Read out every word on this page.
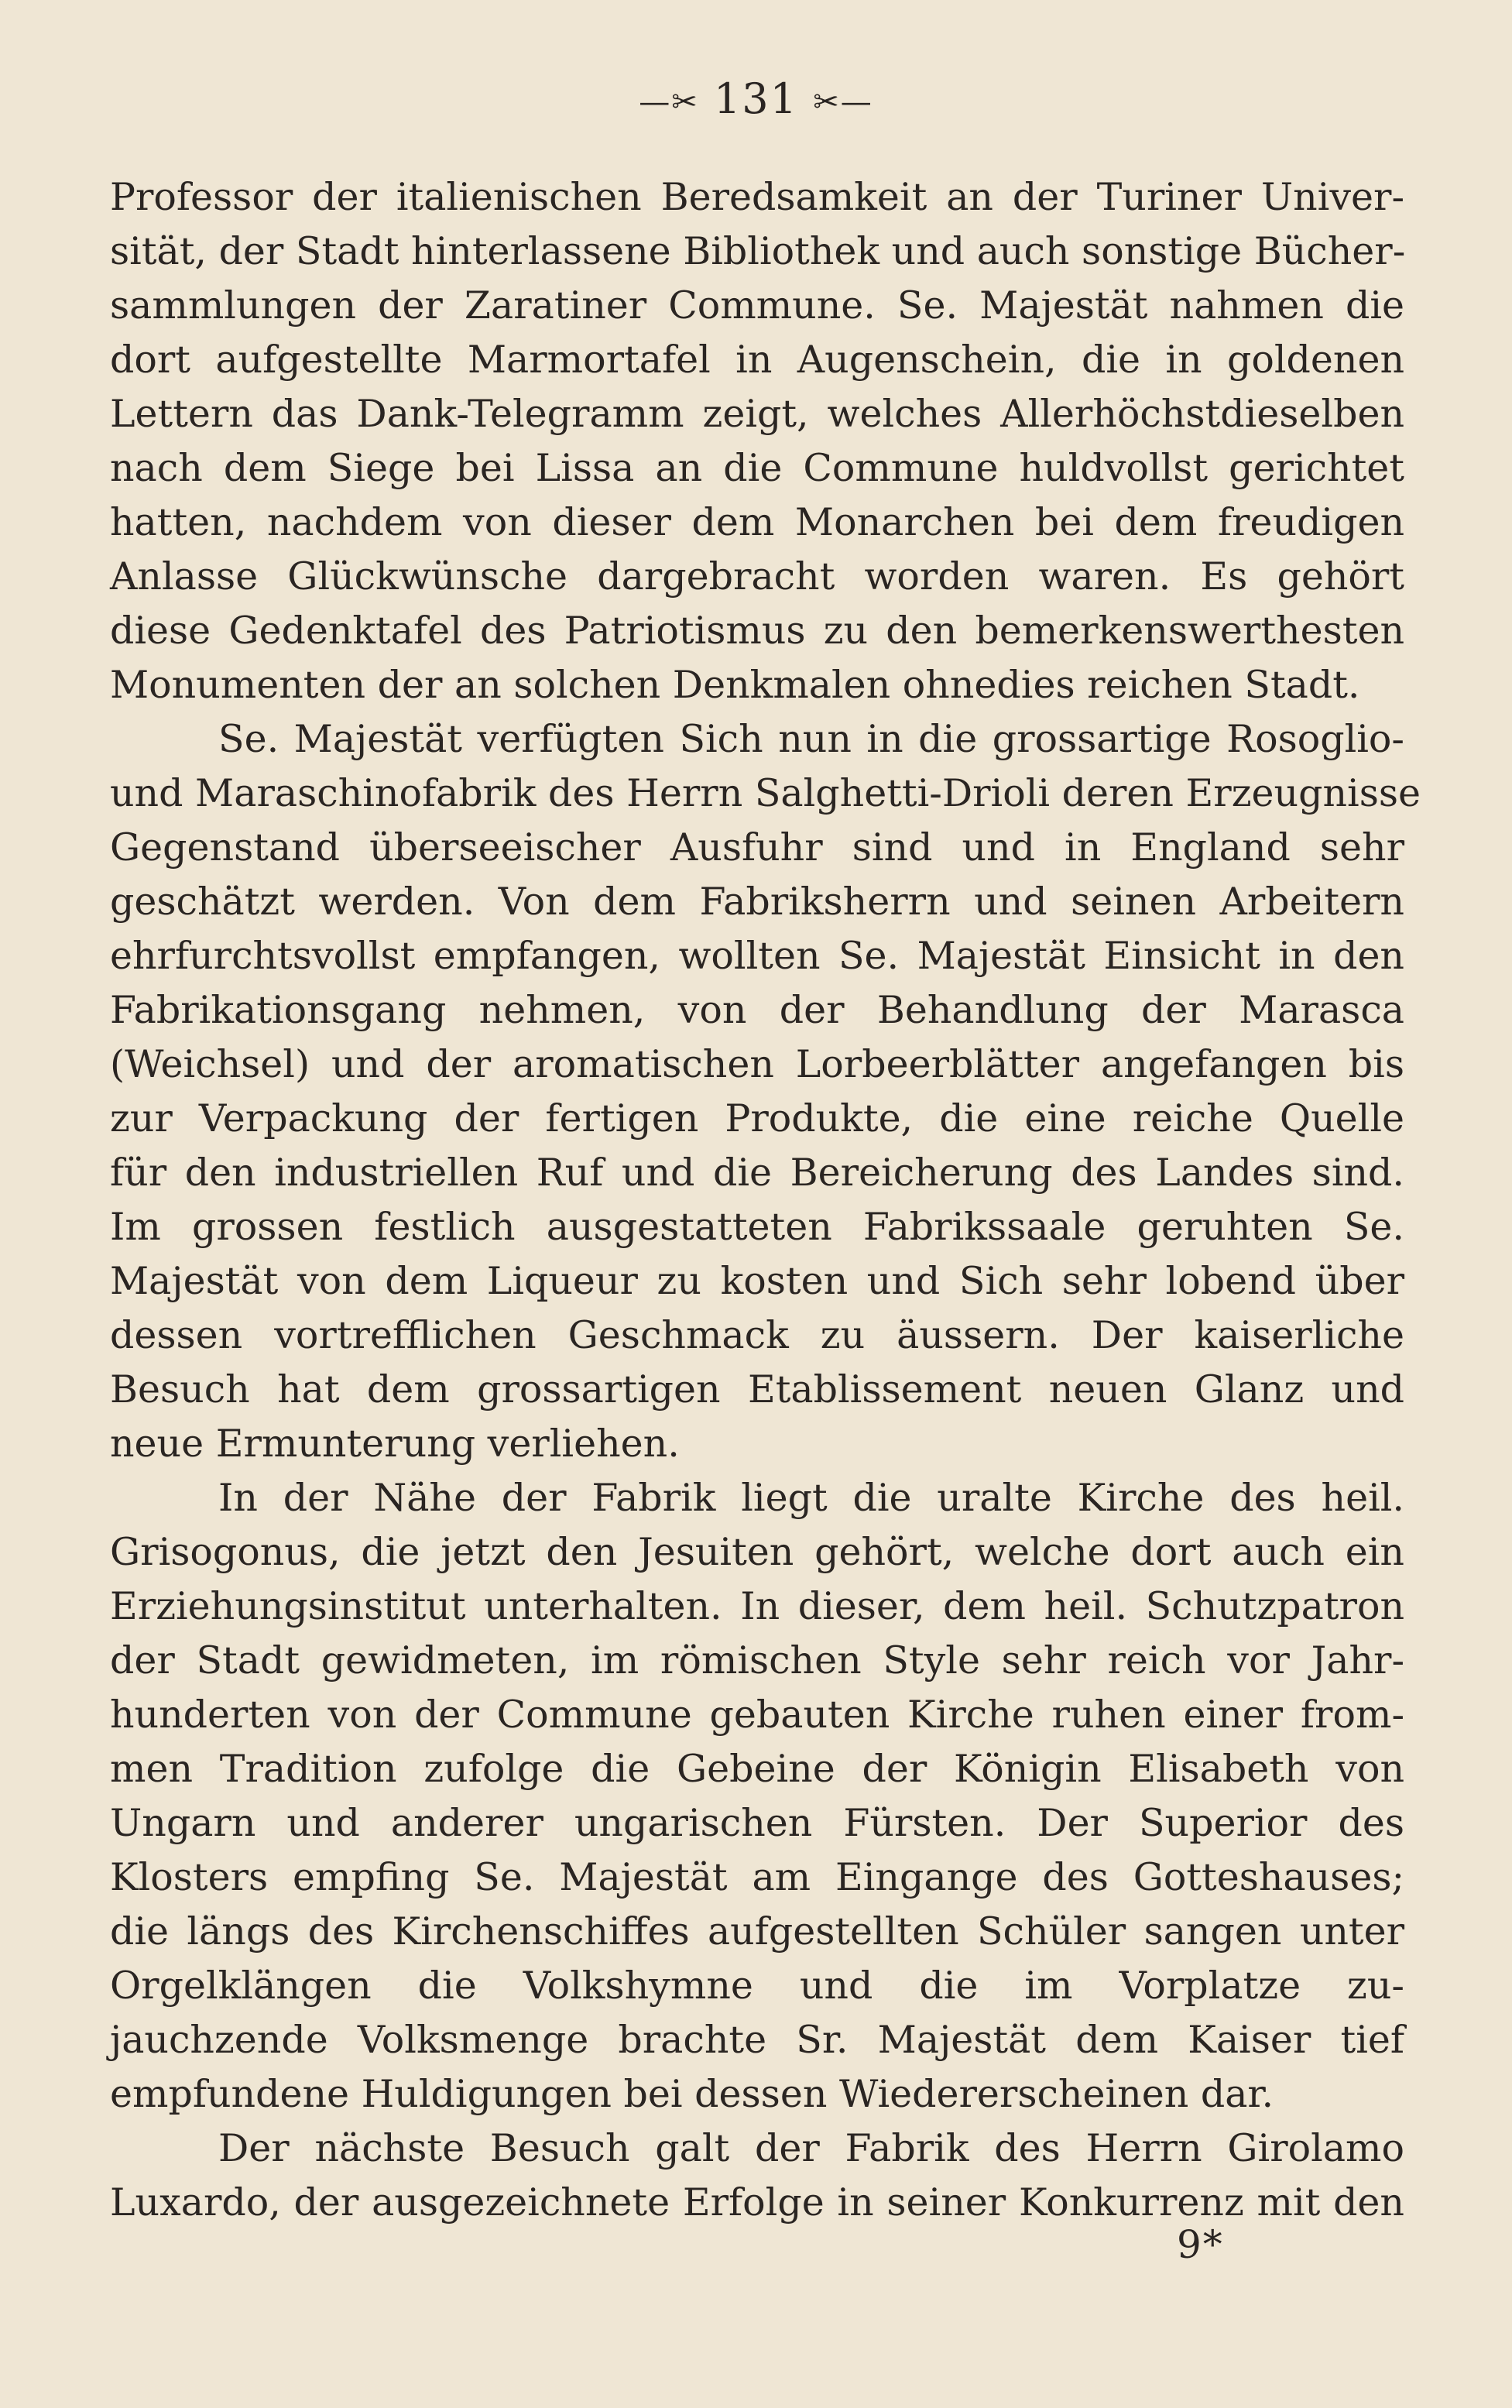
—✂ 131 ✂—
Professor der italienischen Beredsamkeit an der Turiner Univer-
sität, der Stadt hinterlassene Bibliothek und auch sonstige Bücher-
sammlungen der Zaratiner Commune. Se. Majestät nahmen die
dort aufgestellte Marmortafel in Augenschein, die in goldenen
Lettern das Dank-Telegramm zeigt, welches Allerhöchstdieselben
nach dem Siege bei Lissa an die Commune huldvollst gerichtet
hatten, nachdem von dieser dem Monarchen bei dem freudigen
Anlasse Glückwünsche dargebracht worden waren. Es gehört
diese Gedenktafel des Patriotismus zu den bemerkenswerthesten
Monumenten der an solchen Denkmalen ohnedies reichen Stadt.
Se. Majestät verfügten Sich nun in die grossartige Rosoglio-
und Maraschinofabrik des Herrn Salghetti-Drioli deren Erzeugnisse
Gegenstand überseeischer Ausfuhr sind und in England sehr
geschätzt werden. Von dem Fabriksherrn und seinen Arbeitern
ehrfurchtsvollst empfangen, wollten Se. Majestät Einsicht in den
Fabrikationsgang nehmen, von der Behandlung der Marasca
(Weichsel) und der aromatischen Lorbeerblätter angefangen bis
zur Verpackung der fertigen Produkte, die eine reiche Quelle
für den industriellen Ruf und die Bereicherung des Landes sind.
Im grossen festlich ausgestatteten Fabrikssaale geruhten Se.
Majestät von dem Liqueur zu kosten und Sich sehr lobend über
dessen vortrefflichen Geschmack zu äussern. Der kaiserliche
Besuch hat dem grossartigen Etablissement neuen Glanz und
neue Ermunterung verliehen.
In der Nähe der Fabrik liegt die uralte Kirche des heil.
Grisogonus, die jetzt den Jesuiten gehört, welche dort auch ein
Erziehungsinstitut unterhalten. In dieser, dem heil. Schutzpatron
der Stadt gewidmeten, im römischen Style sehr reich vor Jahr-
hunderten von der Commune gebauten Kirche ruhen einer from-
men Tradition zufolge die Gebeine der Königin Elisabeth von
Ungarn und anderer ungarischen Fürsten. Der Superior des
Klosters empfing Se. Majestät am Eingange des Gotteshauses;
die längs des Kirchenschiffes aufgestellten Schüler sangen unter
Orgelklängen die Volkshymne und die im Vorplatze zu-
jauchzende Volksmenge brachte Sr. Majestät dem Kaiser tief
empfundene Huldigungen bei dessen Wiedererscheinen dar.
Der nächste Besuch galt der Fabrik des Herrn Girolamo
Luxardo, der ausgezeichnete Erfolge in seiner Konkurrenz mit den
9*
